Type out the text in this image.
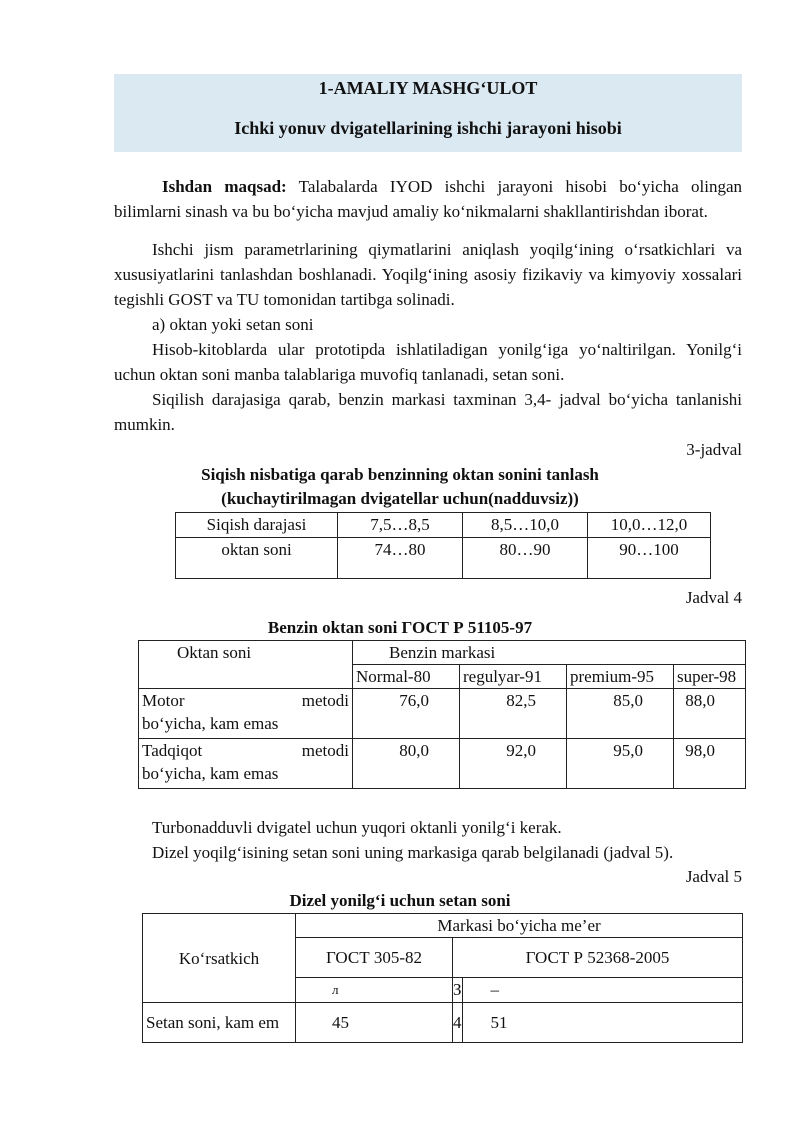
1-AMALIY MASHG‘ULOT
Ichki yonuv dvigatellarining ishchi jarayoni hisobi
Ishdan maqsad: Talabalarda IYOD ishchi jarayoni hisobi bo‘yicha olingan bilimlarni sinash va bu bo‘yicha mavjud amaliy ko‘nikmalarni shakllantirishdan iborat.
Ishchi jism parametrlarining qiymatlarini aniqlash yoqilg‘ining o‘rsatkichlari va xususiyatlarini tanlashdan boshlanadi. Yoqilg‘ining asosiy fizikaviy va kimyoviy xossalari tegishli GOST va TU tomonidan tartibga solinadi.
a) oktan yoki setan soni
Hisob-kitoblarda ular prototipda ishlatiladigan yonilg‘iga yo‘naltirilgan. Yonilg‘i uchun oktan soni manba talablariga muvofiq tanlanadi, setan soni.
Siqilish darajasiga qarab, benzin markasi taxminan 3,4- jadval bo‘yicha tanlanishi mumkin.
3-jadval
Siqish nisbatiga qarab benzinning oktan sonini tanlash
(kuchaytirilmagan dvigatellar uchun(nadduvsiz))
Siqish darajasi	7,5…8,5	8,5…10,0	10,0…12,0
oktan soni	74…80	80…90	90…100
Jadval 4
Benzin oktan soni ГОСТ Р 51105-97
Oktan soni	Benzin markasi			
	Normal-80	regulyar-91	premium-95	super-98

Motor metodi
bo‘yicha, kam emas	76,0	82,5	85,0	88,0

Tadqiqot metodi
bo‘yicha, kam emas	80,0	92,0	95,0	98,0
Turbonadduvli dvigatel uchun yuqori oktanli yonilg‘i kerak.
Dizel yoqilg‘isining setan soni uning markasiga qarab belgilanadi (jadval 5).
Jadval 5
Dizel yonilg‘i uchun setan soni
Ko‘rsatkich	Markasi bo‘yicha me’er		
	ГОСТ 305-82	ГОСТ Р 52368-2005	
	л	З	–
Setan soni, kam em	45	4	51
